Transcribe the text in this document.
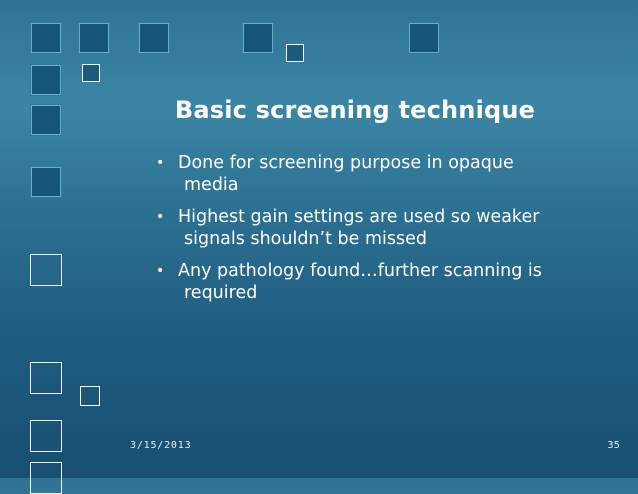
Basic screening technique
• Done for screening purpose in opaque
media
• Highest gain settings are used so weaker
signals shouldn’t be missed
• Any pathology found…further scanning is
required
3/15/2013	35
